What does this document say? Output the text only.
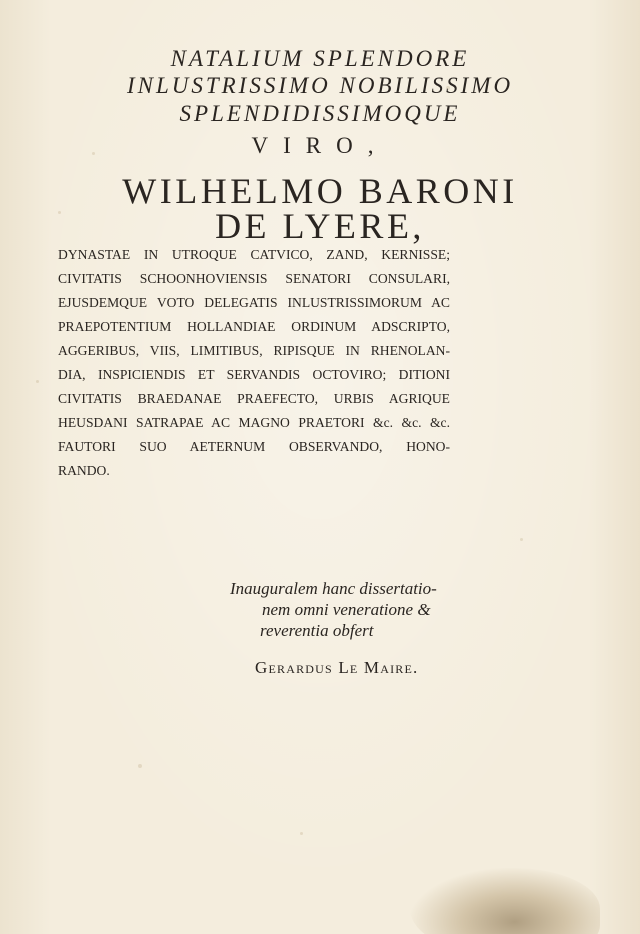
NATALIUM SPLENDORE
INLUSTRISSIMO NOBILISSIMO
SPLENDIDISSIMOQUE
VIRO,
WILHELMO BARONI
DE LYERE,
DYNASTAE IN UTROQUE CATVICO, ZAND, KERNISSE;
CIVITATIS SCHOONHOVIENSIS SENATORI CONSULARI,
EJUSDEMQUE VOTO DELEGATIS INLUSTRISSIMORUM AC
PRAEPOTENTIUM HOLLANDIAE ORDINUM ADSCRIPTO,
AGGERIBUS, VIIS, LIMITIBUS, RIPISQUE IN RHENOLAN-
DIA, INSPICIENDIS ET SERVANDIS OCTOVIRO; DITIONI
CIVITATIS BRAEDANAE PRAEFECTO, URBIS AGRIQUE
HEUSDANI SATRAPAE AC MAGNO PRAETORI &c. &c. &c.
FAUTORI SUO AETERNUM OBSERVANDO, HONO-
RANDO.
Inauguralem hanc dissertatio-
nem omni veneratione &
reverentia obfert
Gerardus Le Maire.
